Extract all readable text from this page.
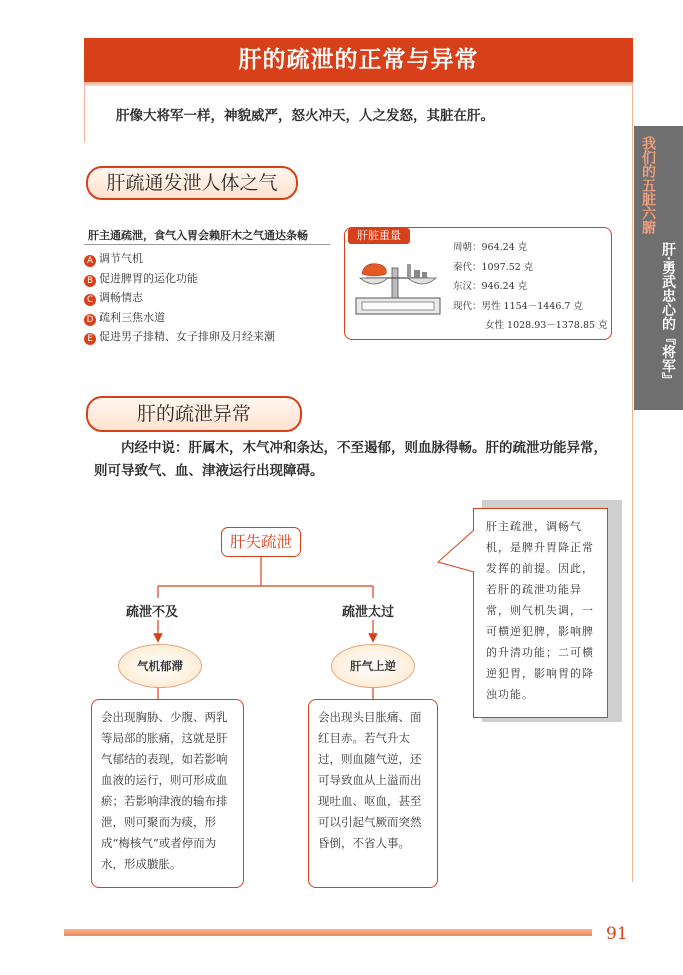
肝的疏泄的正常与异常
肝像大将军一样，神貌威严，怒火冲天，人之发怒，其脏在肝。
我们的五脏六腑
肝·勇武忠心的『将军』
肝疏通发泄人体之气
肝主通疏泄，食气入胃会赖肝木之气通达条畅
A 调节气机
B 促进脾胃的运化功能
C 调畅情志
D 疏利三焦水道
E 促进男子排精、女子排卵及月经来潮
肝脏重量
周朝：964.24 克
秦代：1097.52 克
东汉：946.24 克
现代：男性 1154－1446.7 克
女性 1028.93－1378.85 克
肝的疏泄异常
内经中说：肝属木，木气冲和条达，不至遏郁，则血脉得畅。肝的疏泄功能异常，则可导致气、血、津液运行出现障碍。
肝失疏泄
疏泄不及	疏泄太过
气机郁滞	肝气上逆
会出现胸胁、少腹、两乳等局部的胀痛，这就是肝气郁结的表现，如若影响血液的运行，则可形成血瘀；若影响津液的输布排泄，则可聚而为痰，形成“梅核气”或者停而为水，形成臌胀。
会出现头目胀痛、面红目赤。若气升太过，则血随气逆，还可导致血从上溢而出现吐血、呕血，甚至可以引起气厥而突然昏倒，不省人事。
肝主疏泄，调畅气机，是脾升胃降正常发挥的前提。因此，若肝的疏泄功能异常，则气机失调，一可横逆犯脾，影响脾的升清功能；二可横逆犯胃，影响胃的降浊功能。
91
